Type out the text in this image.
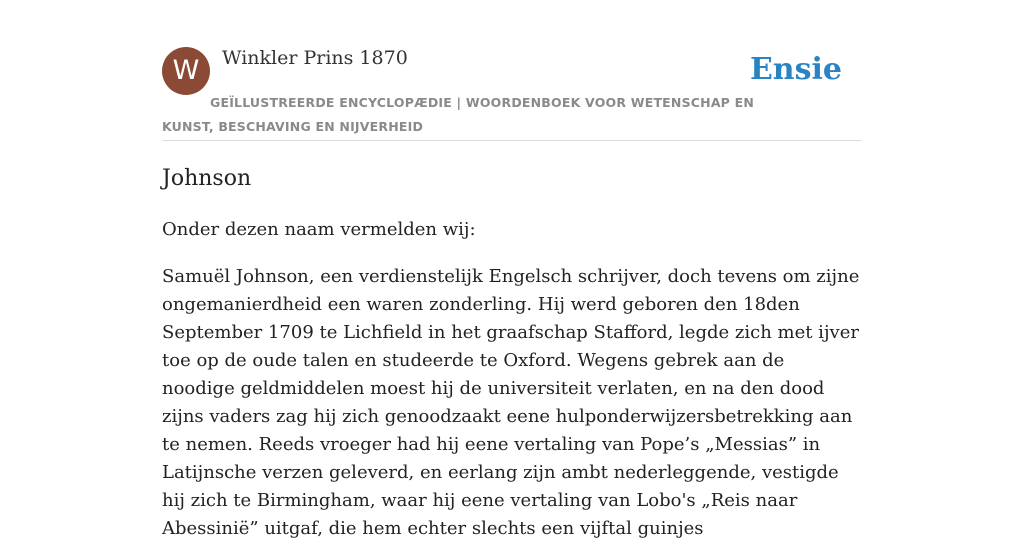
W	Winkler Prins 1870	Ensie
GEÏLLUSTREERDE ENCYCLOPÆDIE | WOORDENBOEK VOOR WETENSCHAP EN KUNST, BESCHAVING EN NIJVERHEID
Johnson

Onder dezen naam vermelden wij:

Samuël Johnson, een verdienstelijk Engelsch schrijver, doch tevens om zijne ongemanierdheid een waren zonderling. Hij werd geboren den 18den September 1709 te Lichfield in het graafschap Stafford, legde zich met ijver toe op de oude talen en studeerde te Oxford. Wegens gebrek aan de noodige geldmiddelen moest hij de universiteit verlaten, en na den dood zijns vaders zag hij zich genoodzaakt eene hulponderwijzersbetrekking aan te nemen. Reeds vroeger had hij eene vertaling van Pope’s „Messias” in Latijnsche verzen geleverd, en eerlang zijn ambt nederleggende, vestigde hij zich te Birmingham, waar hij eene vertaling van Lobo's „Reis naar Abessinië” uitgaf, die hem echter slechts een vijftal guinjes
